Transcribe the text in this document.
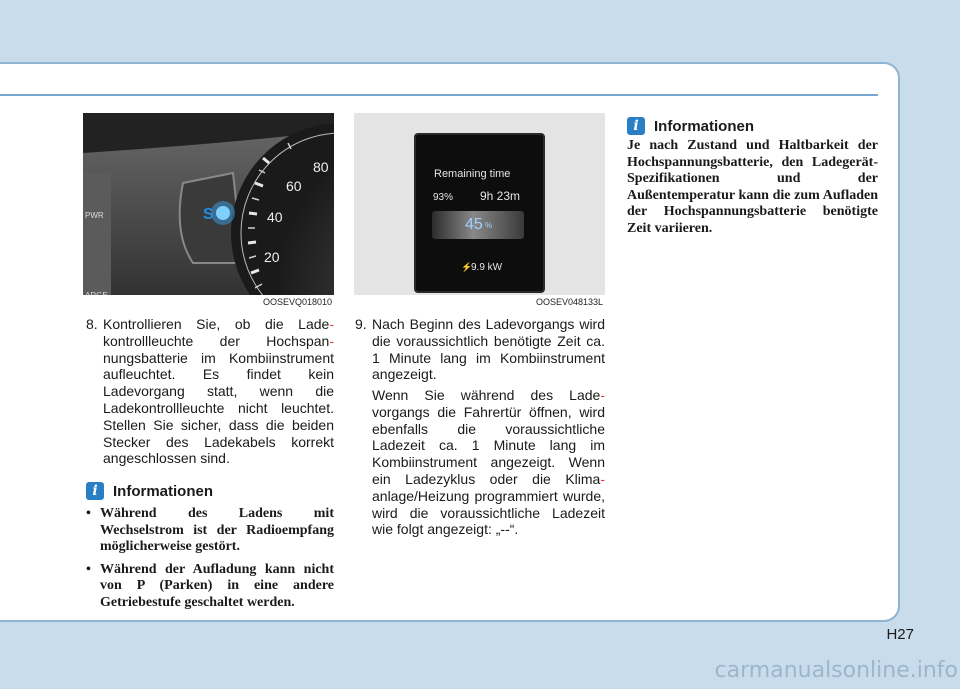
S
80
60
40
20
PWR
OOSEVQ018010
Remaining time
93% 9h 23m
45 %
⚡
9.9 kW
OOSEV048133L
8. Kontrollieren Sie, ob die Lade- kontrollleuchte der Hochspan- nungsbatterie im Kombiinstrument aufleuchtet. Es findet kein Ladevorgang statt, wenn die Ladekontrollleuchte nicht leuchtet. Stellen Sie sicher, dass die beiden Stecker des Ladekabels korrekt angeschlossen sind.
i	Informationen
• Während des Ladens mit Wechselstrom ist der Radioempfang möglicherweise gestört.
• Während der Aufladung kann nicht von P (Parken) in eine andere Getriebestufe geschaltet werden.
9. Nach Beginn des Ladevorgangs wird die voraussichtlich benötigte Zeit ca. 1 Minute lang im Kombiinstrument angezeigt.
Wenn Sie während des Lade- vorgangs die Fahrertür öffnen, wird ebenfalls die voraussichtliche Ladezeit ca. 1 Minute lang im Kombiinstrument angezeigt. Wenn ein Ladezyklus oder die Klima- anlage/Heizung programmiert wurde, wird die voraussichtliche Ladezeit wie folgt angezeigt: „--“.
i	Informationen
Je nach Zustand und Haltbarkeit der Hochspannungsbatterie, den Ladegerät-Spezifikationen und der Außentemperatur kann die zum Aufladen der Hochspannungsbatterie benötigte Zeit variieren.
H27
carmanualsonline.info
